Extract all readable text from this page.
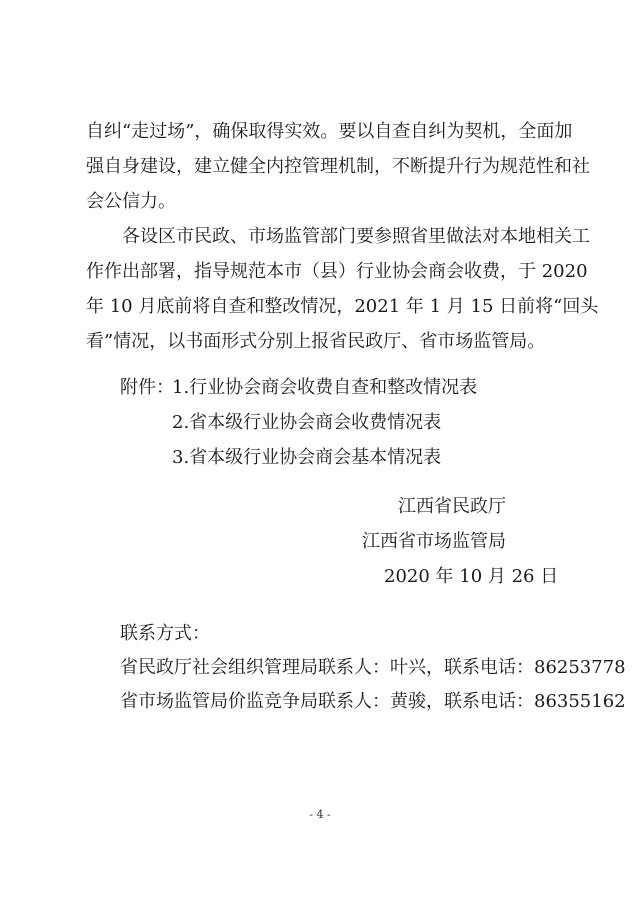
自纠“走过场”，确保取得实效。要以自查自纠为契机，全面加
强自身建设，建立健全内控管理机制，不断提升行为规范性和社
会公信力。
各设区市民政、市场监管部门要参照省里做法对本地相关工
作作出部署，指导规范本市（县）行业协会商会收费，于 2020
年 10 月底前将自查和整改情况，2021 年 1 月 15 日前将“回头
看”情况，以书面形式分别上报省民政厅、省市场监管局。
附件：
1.行业协会商会收费自查和整改情况表
2.省本级行业协会商会收费情况表
3.省本级行业协会商会基本情况表
江西省民政厅
江西省市场监管局
2020 年 10 月 26 日
联系方式：
省民政厅社会组织管理局联系人：叶兴，联系电话：86253778
省市场监管局价监竞争局联系人：黄骏，联系电话：86355162
- 4 -
